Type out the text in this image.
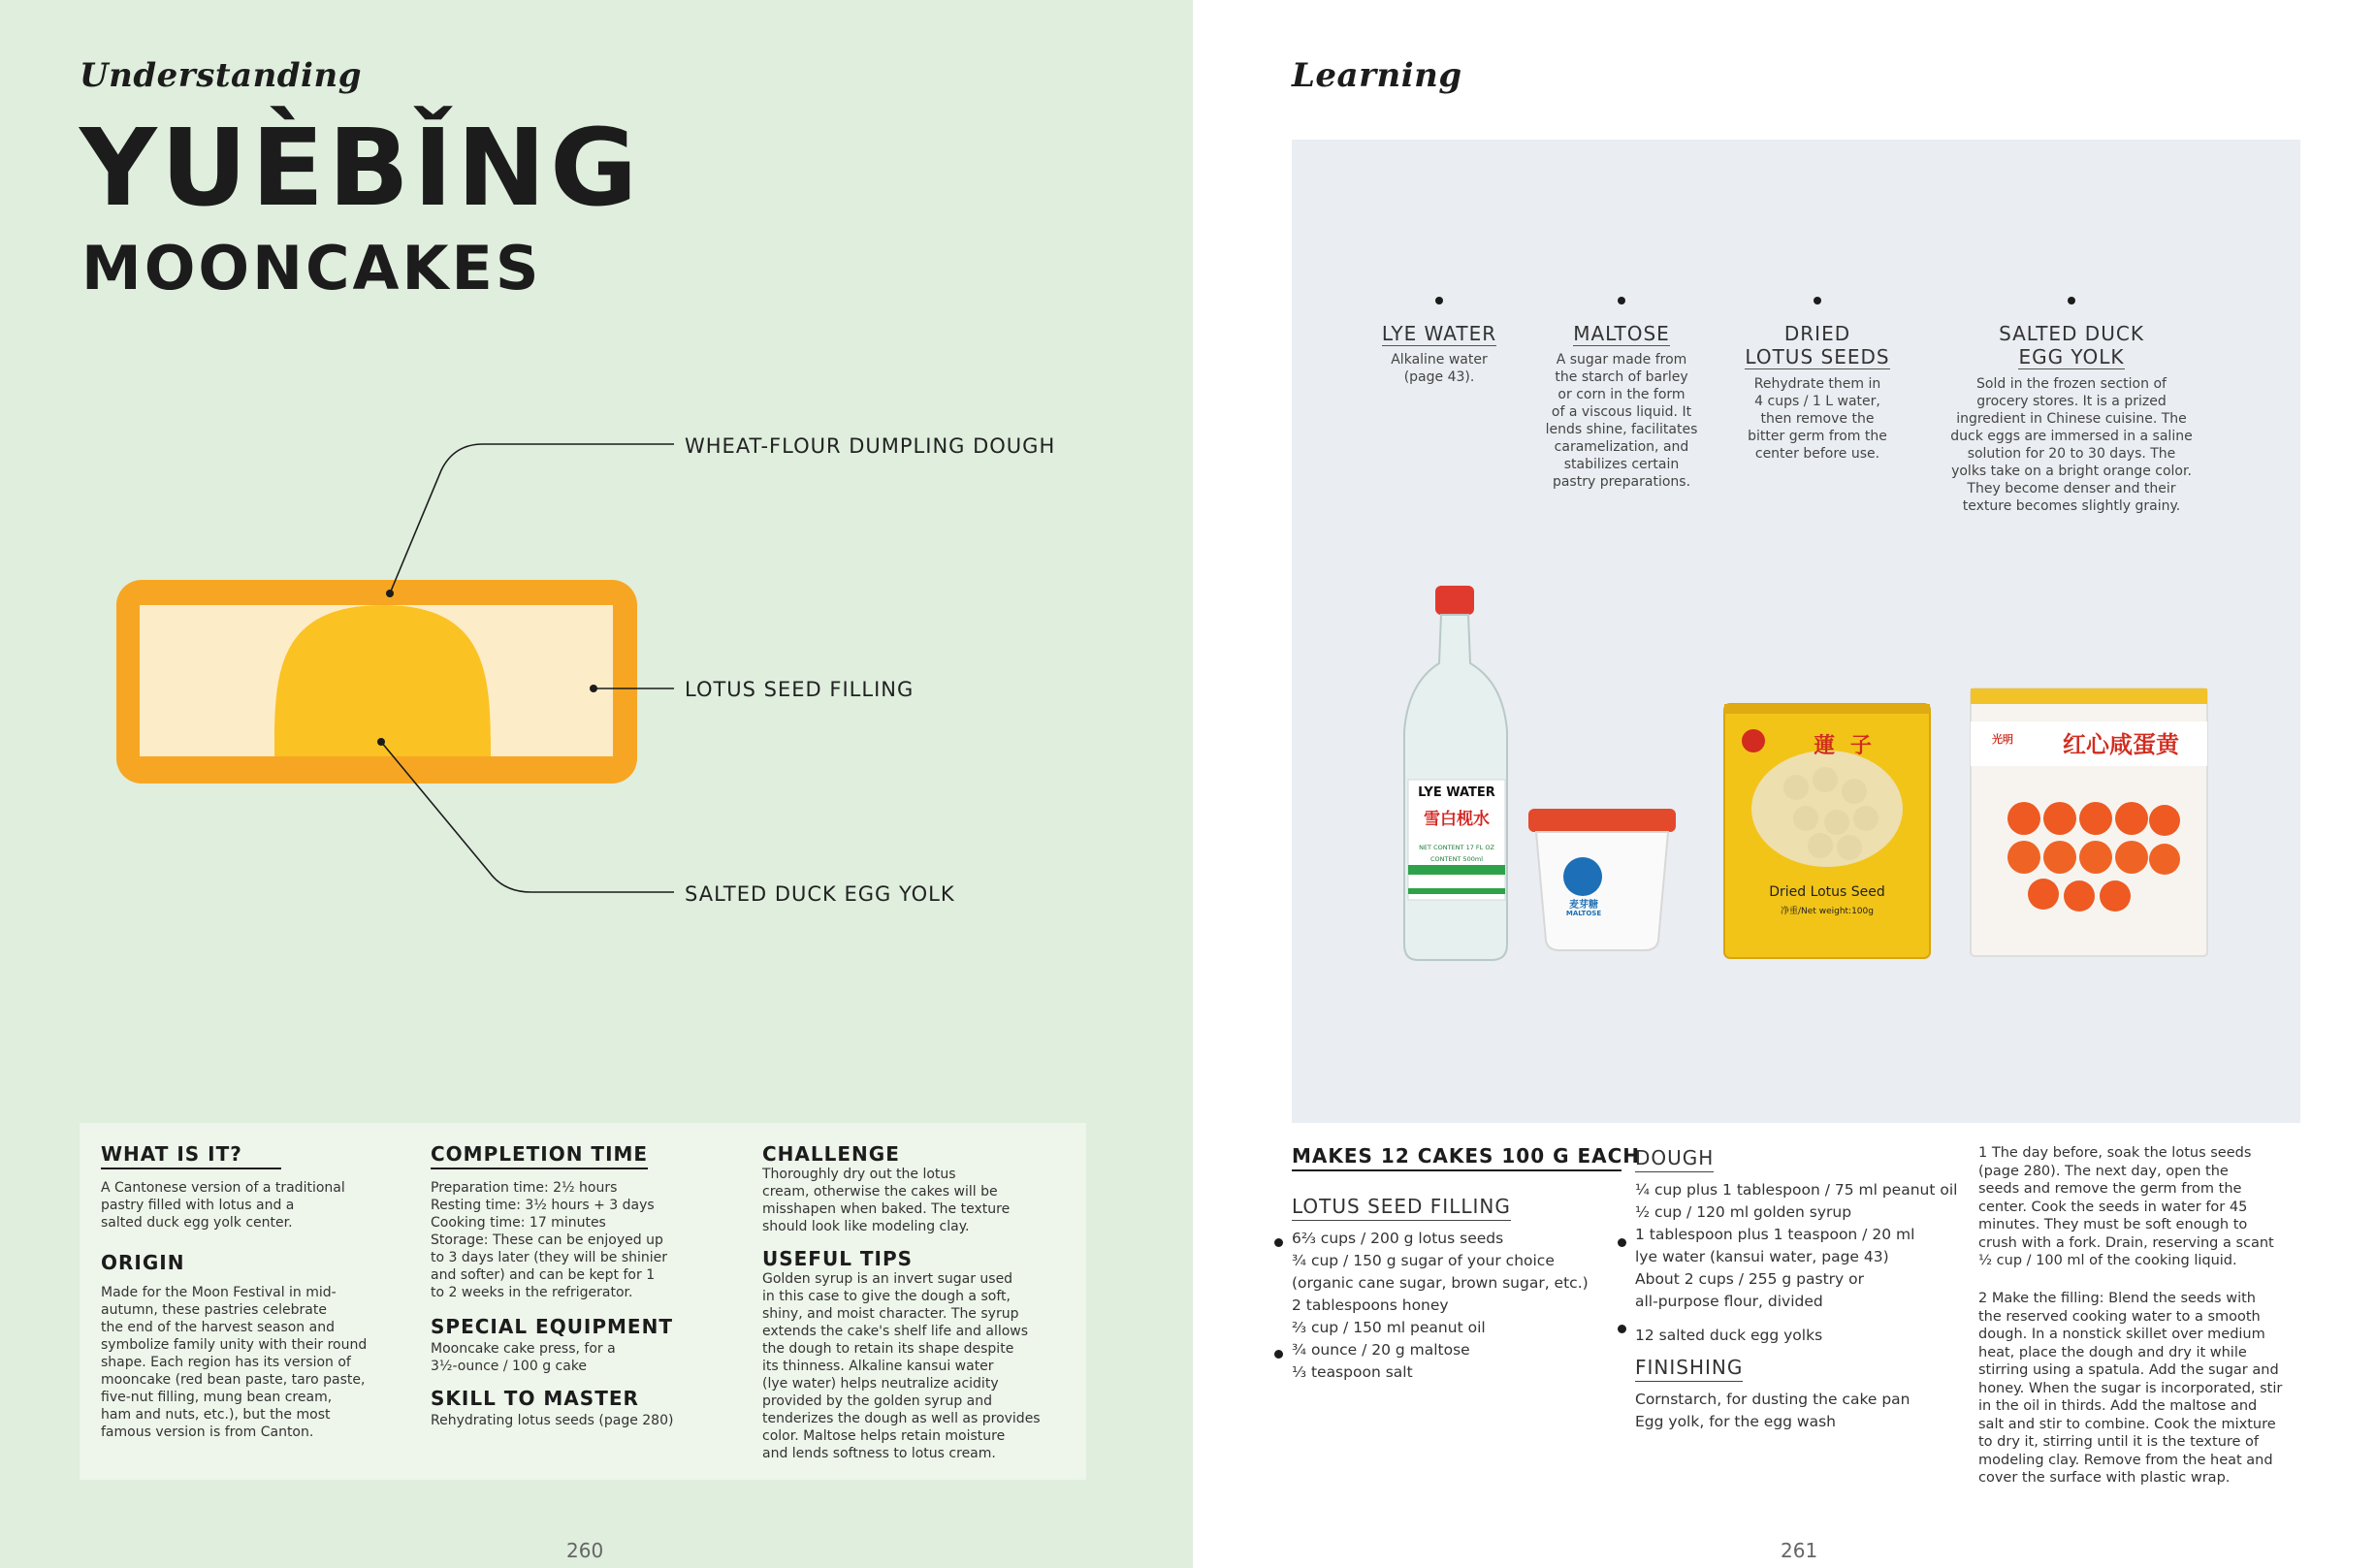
Understanding
YUÈBǏNG
MOONCAKES
WHEAT-FLOUR DUMPLING DOUGH
LOTUS SEED FILLING
SALTED DUCK EGG YOLK
WHAT IS IT?
A Cantonese version of a traditional
pastry filled with lotus and a
salted duck egg yolk center.
ORIGIN
Made for the Moon Festival in mid-
autumn, these pastries celebrate
the end of the harvest season and
symbolize family unity with their round
shape. Each region has its version of
mooncake (red bean paste, taro paste,
five-nut filling, mung bean cream,
ham and nuts, etc.), but the most
famous version is from Canton.
COMPLETION TIME
Preparation time: 2½ hours
Resting time: 3½ hours + 3 days
Cooking time: 17 minutes
Storage: These can be enjoyed up
to 3 days later (they will be shinier
and softer) and can be kept for 1
to 2 weeks in the refrigerator.
SPECIAL EQUIPMENT
Mooncake cake press, for a
3½-ounce / 100 g cake
SKILL TO MASTER
Rehydrating lotus seeds (page 280)
CHALLENGE
Thoroughly dry out the lotus
cream, otherwise the cakes will be
misshapen when baked. The texture
should look like modeling clay.
USEFUL TIPS
Golden syrup is an invert sugar used
in this case to give the dough a soft,
shiny, and moist character. The syrup
extends the cake's shelf life and allows
the dough to retain its shape despite
its thinness. Alkaline kansui water
(lye water) helps neutralize acidity
provided by the golden syrup and
tenderizes the dough as well as provides
color. Maltose helps retain moisture
and lends softness to lotus cream.
260
Learning
LYE WATER
Alkaline water
(page 43).
MALTOSE
A sugar made from
the starch of barley
or corn in the form
of a viscous liquid. It
lends shine, facilitates
caramelization, and
stabilizes certain
pastry preparations.
DRIED
LOTUS SEEDS
Rehydrate them in
4 cups / 1 L water,
then remove the
bitter germ from the
center before use.
SALTED DUCK
EGG YOLK
Sold in the frozen section of
grocery stores. It is a prized
ingredient in Chinese cuisine. The
duck eggs are immersed in a saline
solution for 20 to 30 days. The
yolks take on a bright orange color.
They become denser and their
texture becomes slightly grainy.
LYE WATER
雪白枧水
NET CONTENT 17 FL OZ
CONTENT 500ml
麦芽糖
MALTOSE
蓮 子
Dried Lotus Seed
净重/Net weight:100g
光明	红心咸蛋黄
MAKES 12 CAKES 100 G EACH
LOTUS SEED FILLING
6⅔ cups / 200 g lotus seeds
¾ cup / 150 g sugar of your choice
(organic cane sugar, brown sugar, etc.)
2 tablespoons honey
⅔ cup / 150 ml peanut oil
¾ ounce / 20 g maltose
⅓ teaspoon salt
DOUGH
¼ cup plus 1 tablespoon / 75 ml peanut oil
½ cup / 120 ml golden syrup
1 tablespoon plus 1 teaspoon / 20 ml
lye water (kansui water, page 43)
About 2 cups / 255 g pastry or
all-purpose flour, divided
12 salted duck egg yolks
FINISHING
Cornstarch, for dusting the cake pan
Egg yolk, for the egg wash
1 The day before, soak the lotus seeds
(page 280). The next day, open the
seeds and remove the germ from the
center. Cook the seeds in water for 45
minutes. They must be soft enough to
crush with a fork. Drain, reserving a scant
½ cup / 100 ml of the cooking liquid.
2 Make the filling: Blend the seeds with
the reserved cooking water to a smooth
dough. In a nonstick skillet over medium
heat, place the dough and dry it while
stirring using a spatula. Add the sugar and
honey. When the sugar is incorporated, stir
in the oil in thirds. Add the maltose and
salt and stir to combine. Cook the mixture
to dry it, stirring until it is the texture of
modeling clay. Remove from the heat and
cover the surface with plastic wrap.
261
